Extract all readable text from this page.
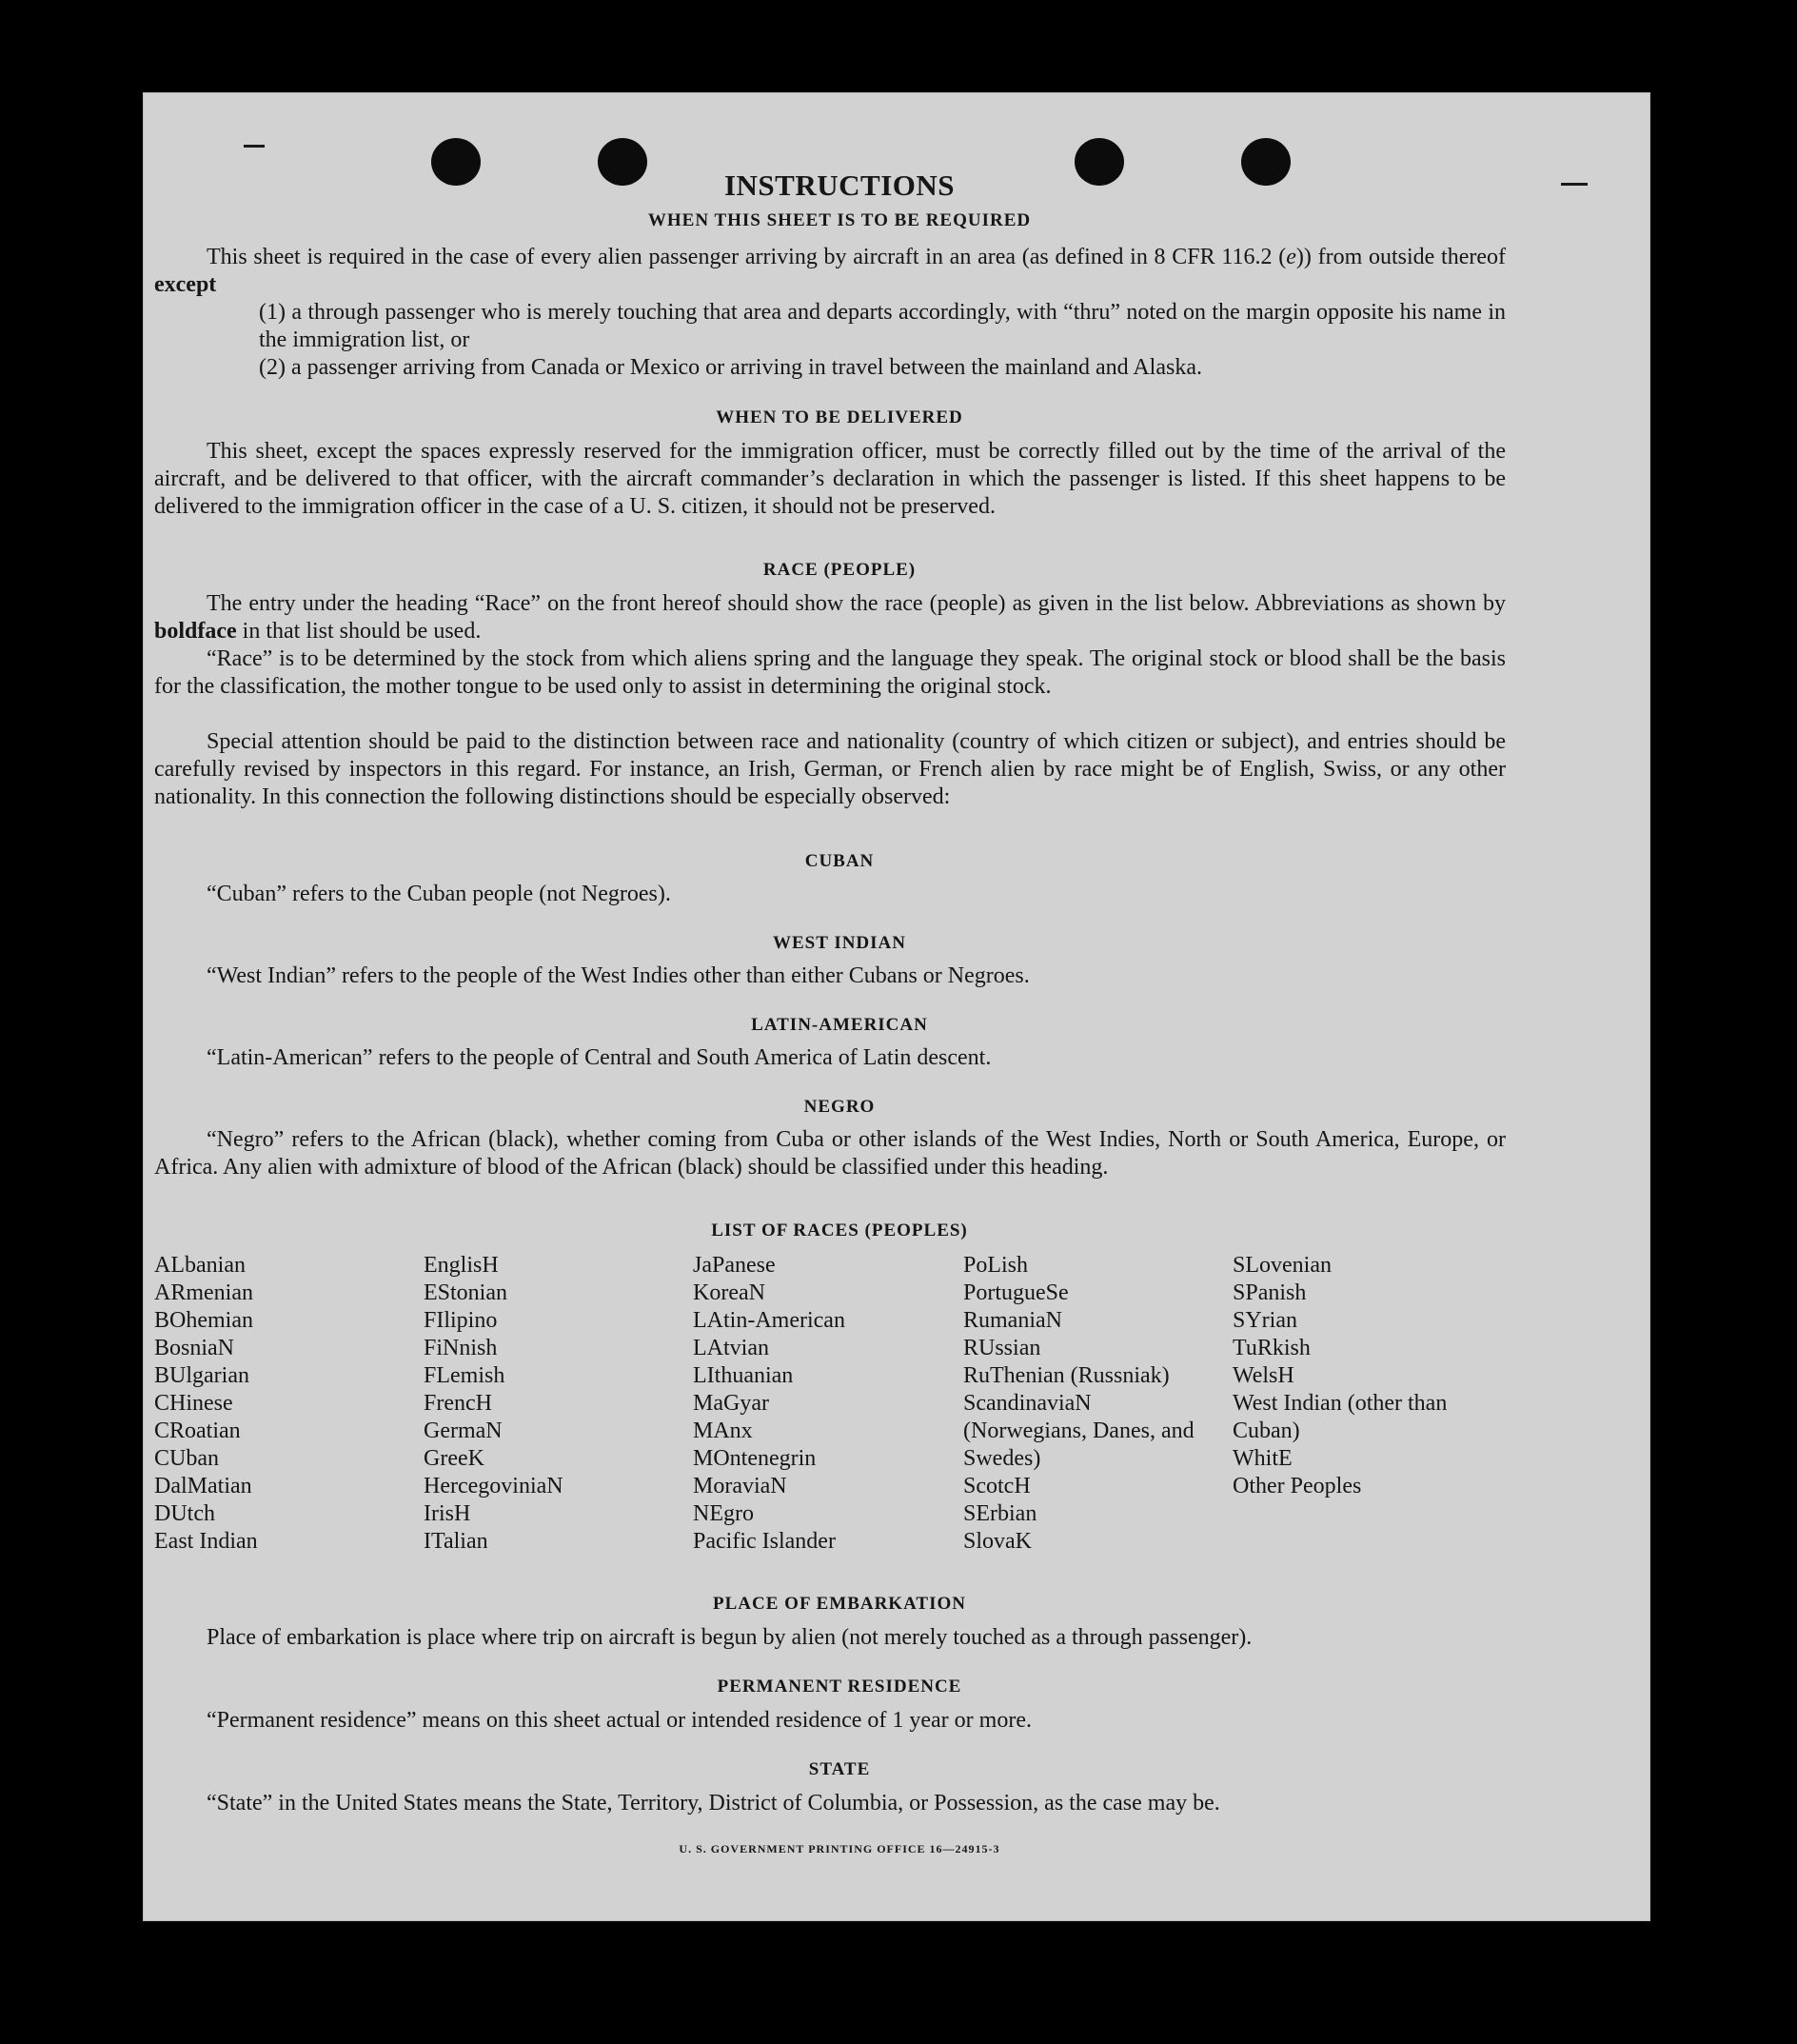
INSTRUCTIONS
WHEN THIS SHEET IS TO BE REQUIRED
This sheet is required in the case of every alien passenger arriving by aircraft in an area (as defined in 8 CFR 116.2 (e)) from outside thereof except
(1) a through passenger who is merely touching that area and departs accordingly, with “thru” noted on the margin opposite his name in the immigration list, or
(2) a passenger arriving from Canada or Mexico or arriving in travel between the mainland and Alaska.
WHEN TO BE DELIVERED
This sheet, except the spaces expressly reserved for the immigration officer, must be correctly filled out by the time of the arrival of the aircraft, and be delivered to that officer, with the aircraft commander’s declaration in which the passenger is listed. If this sheet happens to be delivered to the immigration officer in the case of a U. S. citizen, it should not be preserved.
RACE (PEOPLE)
The entry under the heading “Race” on the front hereof should show the race (people) as given in the list below. Abbreviations as shown by boldface in that list should be used.
“Race” is to be determined by the stock from which aliens spring and the language they speak. The original stock or blood shall be the basis for the classification, the mother tongue to be used only to assist in determining the original stock.
Special attention should be paid to the distinction between race and nationality (country of which citizen or subject), and entries should be carefully revised by inspectors in this regard. For instance, an Irish, German, or French alien by race might be of English, Swiss, or any other nationality. In this connection the following distinctions should be especially observed:
CUBAN
“Cuban” refers to the Cuban people (not Negroes).
WEST INDIAN
“West Indian” refers to the people of the West Indies other than either Cubans or Negroes.
LATIN-AMERICAN
“Latin-American” refers to the people of Central and South America of Latin descent.
NEGRO
“Negro” refers to the African (black), whether coming from Cuba or other islands of the West Indies, North or South America, Europe, or Africa. Any alien with admixture of blood of the African (black) should be classified under this heading.
LIST OF RACES (PEOPLES)
ALbanian
ARmenian
BOhemian
BosniaN
BUlgarian
CHinese
CRoatian
CUban
DalMatian
DUtch
East Indian
EnglisH
EStonian
FIlipino
FiNnish
FLemish
FrencH
GermaN
GreeK
HercegoviniaN
IrisH
ITalian
JaPanese
KoreaN
LAtin-American
LAtvian
LIthuanian
MaGyar
MAnx
MOntenegrin
MoraviaN
NEgro
Pacific Islander
PoLish
PortugueSe
RumaniaN
RUssian
RuThenian (Russniak)
ScandinaviaN (Norwegians, Danes, and Swedes)
ScotcH
SErbian
SlovaK
SLovenian
SPanish
SYrian
TuRkish
WelsH
West Indian (other than Cuban)
WhitE
Other Peoples
PLACE OF EMBARKATION
Place of embarkation is place where trip on aircraft is begun by alien (not merely touched as a through passenger).
PERMANENT RESIDENCE
“Permanent residence” means on this sheet actual or intended residence of 1 year or more.
STATE
“State” in the United States means the State, Territory, District of Columbia, or Possession, as the case may be.
U. S. GOVERNMENT PRINTING OFFICE 16—24915-3
